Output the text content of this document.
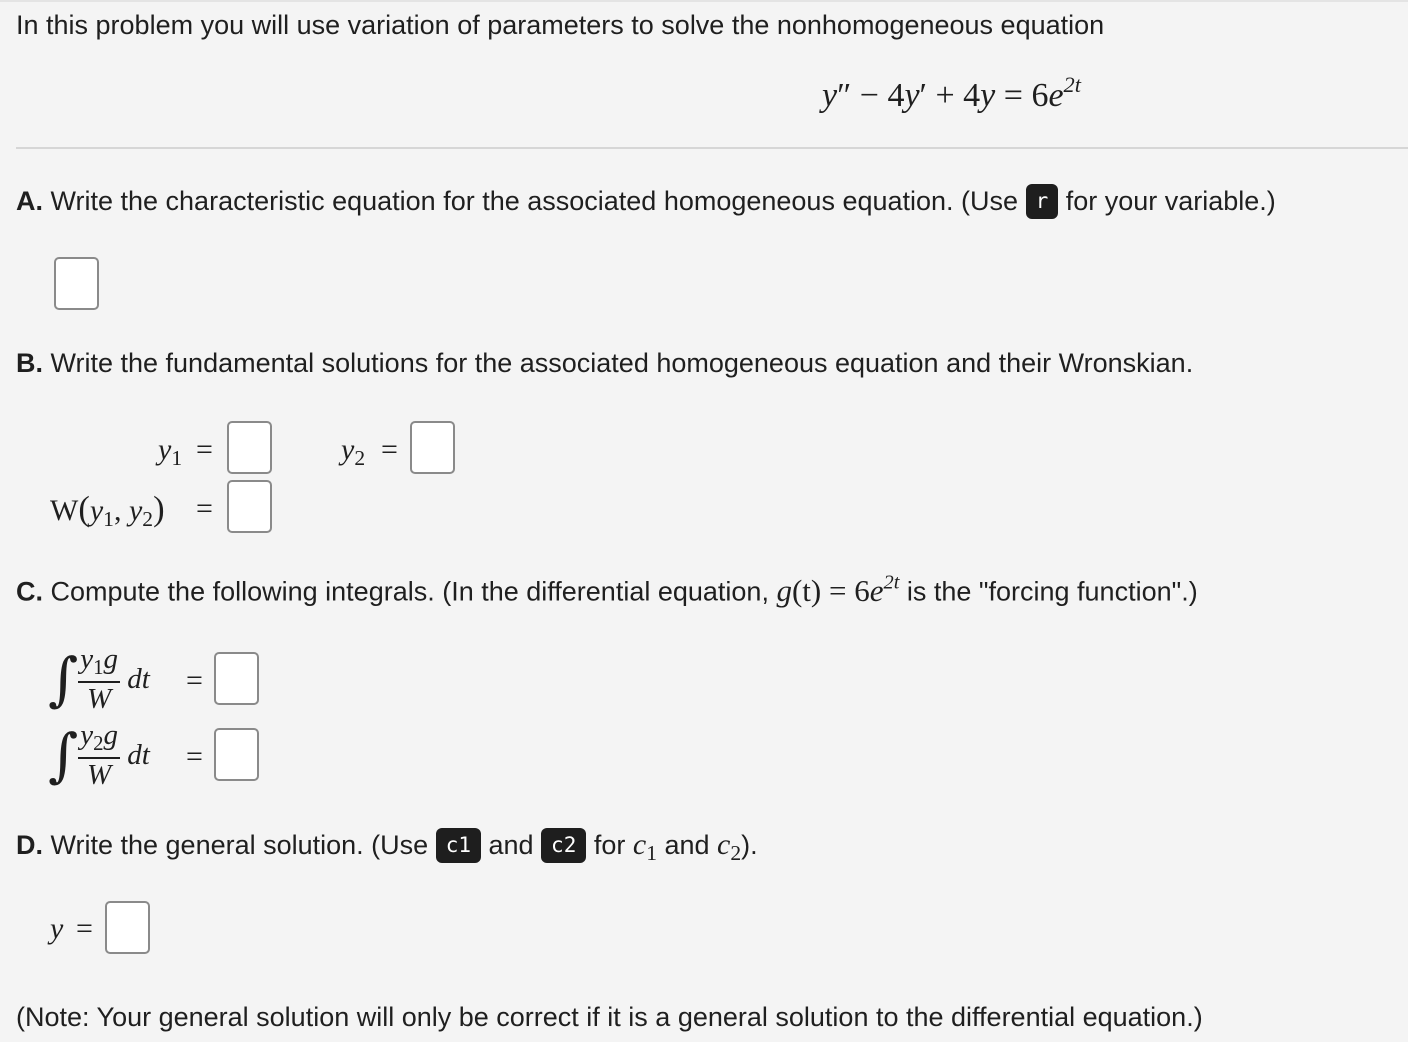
In this problem you will use variation of parameters to solve the nonhomogeneous equation
$y'' - 4y' + 4y = 6e^{2t}$
A. Write the characteristic equation for the associated homogeneous equation. (Use r for your variable.)
B. Write the fundamental solutions for the associated homogeneous equation and their Wronskian.
$y_1$ =	$y_2$ =
$W(y_1$, $y_2$) =
C. Compute the following integrals. (In the differential equation, $g(t) = 6e^{2t}$ is the "forcing function".)
∫ $\frac{y_1g}{W}$ dt =
∫ $\frac{y_2g}{W}$ dt =
D. Write the general solution. (Use c1 and c2 for $c_1$ and $c_2$).
y =
(Note: Your general solution will only be correct if it is a general solution to the differential equation.)
